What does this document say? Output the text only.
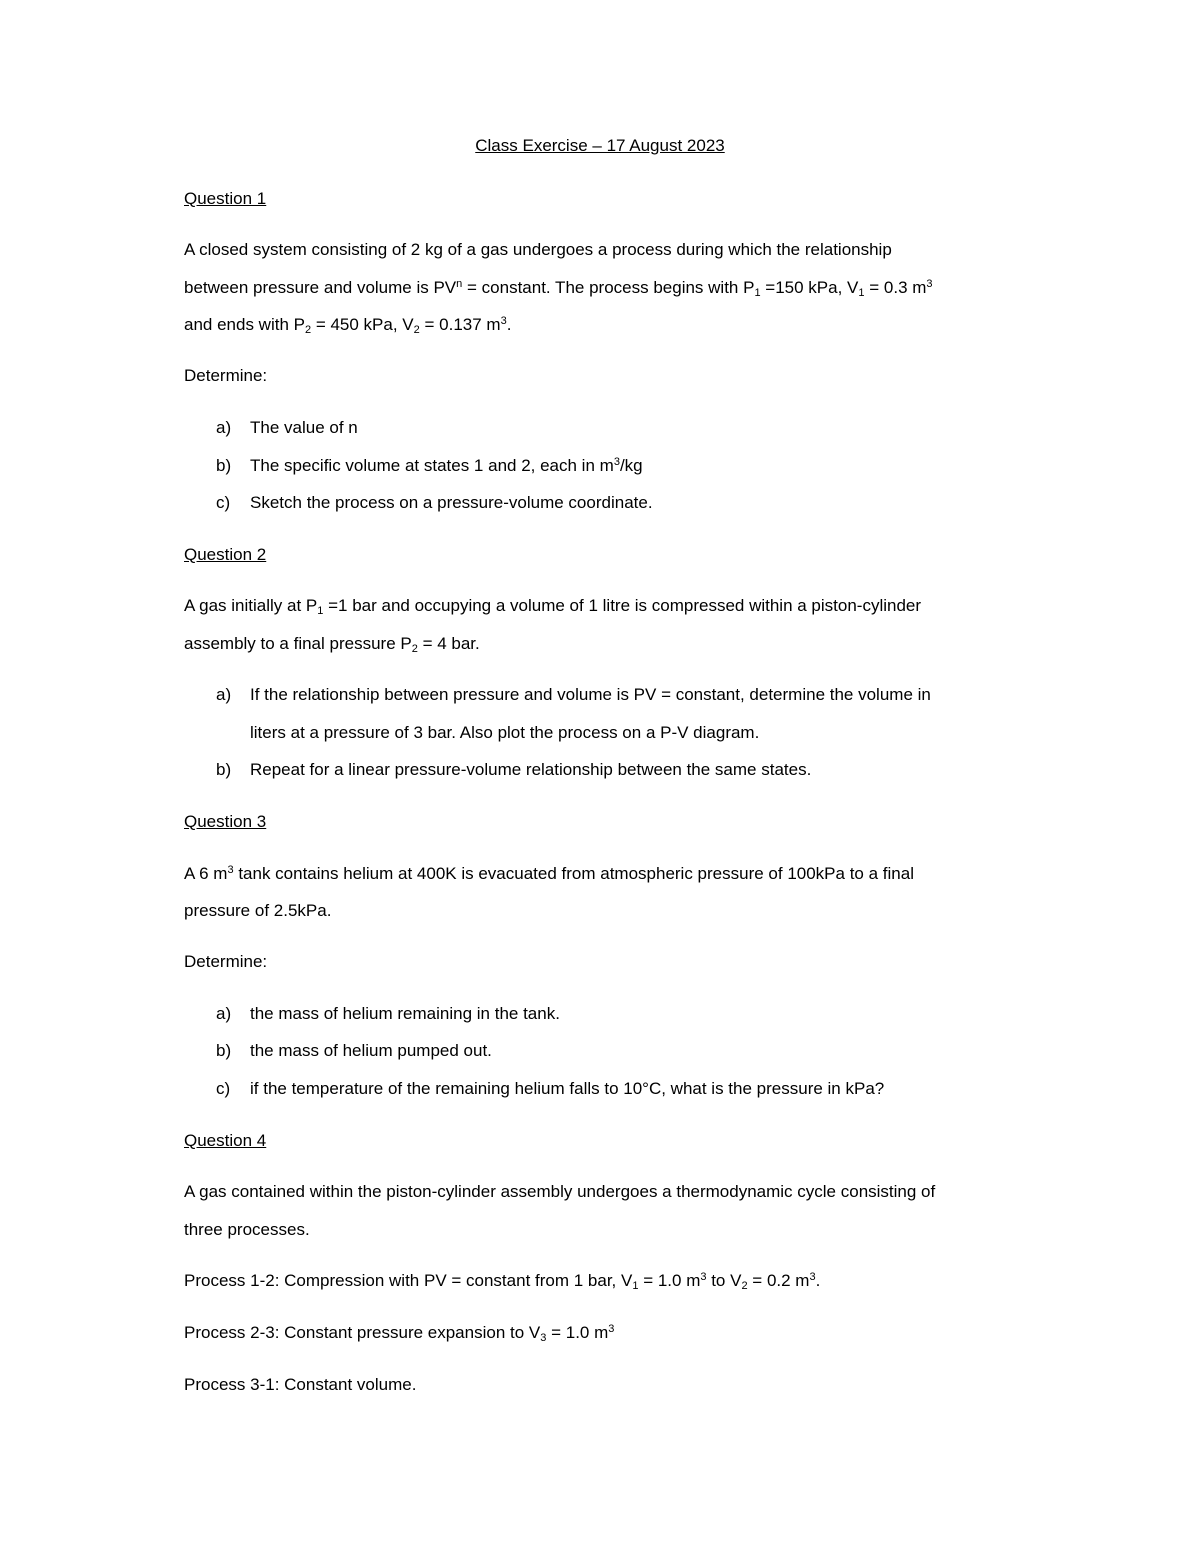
Class Exercise – 17 August 2023
Question 1
A closed system consisting of 2 kg of a gas undergoes a process during which the relationship
between pressure and volume is $PV^n$ = constant. The process begins with $P_1 =150$ kPa, $V_1 = 0.3$ $m^3$
and ends with $P_2 = 450$ kPa, $V_2 = 0.137$ $m^3$.
Determine:
a) The value of n
b) The specific volume at states 1 and 2, each in $m^3/kg$
c) Sketch the process on a pressure-volume coordinate.
Question 2
A gas initially at $P_1 =1$ bar and occupying a volume of 1 litre is compressed within a piston-cylinder
assembly to a final pressure $P_2 = 4$ bar.
a) If the relationship between pressure and volume is PV = constant, determine the volume in
liters at a pressure of 3 bar. Also plot the process on a P-V diagram.
b) Repeat for a linear pressure-volume relationship between the same states.
Question 3
A 6 $m^3$ tank contains helium at 400K is evacuated from atmospheric pressure of 100kPa to a final
pressure of 2.5kPa.
Determine:
a) the mass of helium remaining in the tank.
b) the mass of helium pumped out.
c) if the temperature of the remaining helium falls to 10°C, what is the pressure in kPa?
Question 4
A gas contained within the piston-cylinder assembly undergoes a thermodynamic cycle consisting of
three processes.
Process 1-2: Compression with PV = constant from 1 bar, $V_1 = 1.0$ $m^3$ to $V_2 = 0.2$ $m^3$.
Process 2-3: Constant pressure expansion to $V_3 = 1.0$ $m^3$
Process 3-1: Constant volume.
